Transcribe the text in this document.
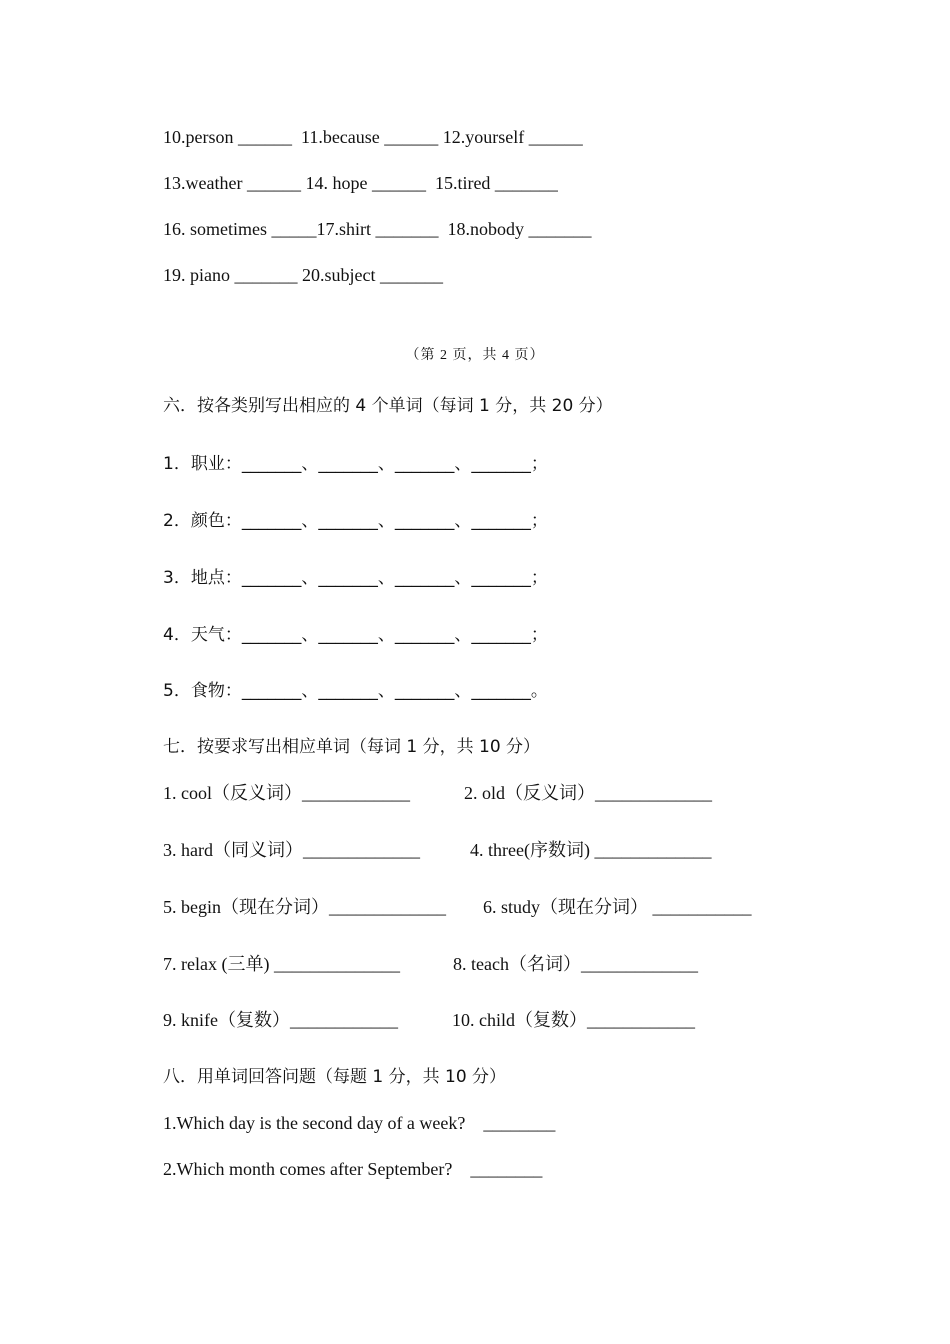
10.person ______  11.because ______ 12.yourself ______
13.weather ______ 14. hope ______  15.tired _______
16. sometimes _____17.shirt _______  18.nobody _______
19. piano _______ 20.subject _______
（第 2 页，共 4 页）
六．按各类别写出相应的 4 个单词（每词 1 分，共 20 分）
1．职业：_______、_______、_______、_______；
2．颜色：_______、_______、_______、_______；
3．地点：_______、_______、_______、_______；
4．天气：_______、_______、_______、_______；
5．食物：_______、_______、_______、_______。
七．按要求写出相应单词（每词 1 分，共 10 分）
1. cool（反义词）____________	2. old（反义词）_____________
3. hard（同义词）_____________	4. three(序数词) _____________
5. begin（现在分词）_____________ 6. study（现在分词） ___________
7. relax (三单) ______________	8. teach（名词）_____________
9. knife（复数）____________	10. child（复数）____________
八．用单词回答问题（每题 1 分，共 10 分）
1.Which day is the second day of a week?    ________
2.Which month comes after September?    ________
